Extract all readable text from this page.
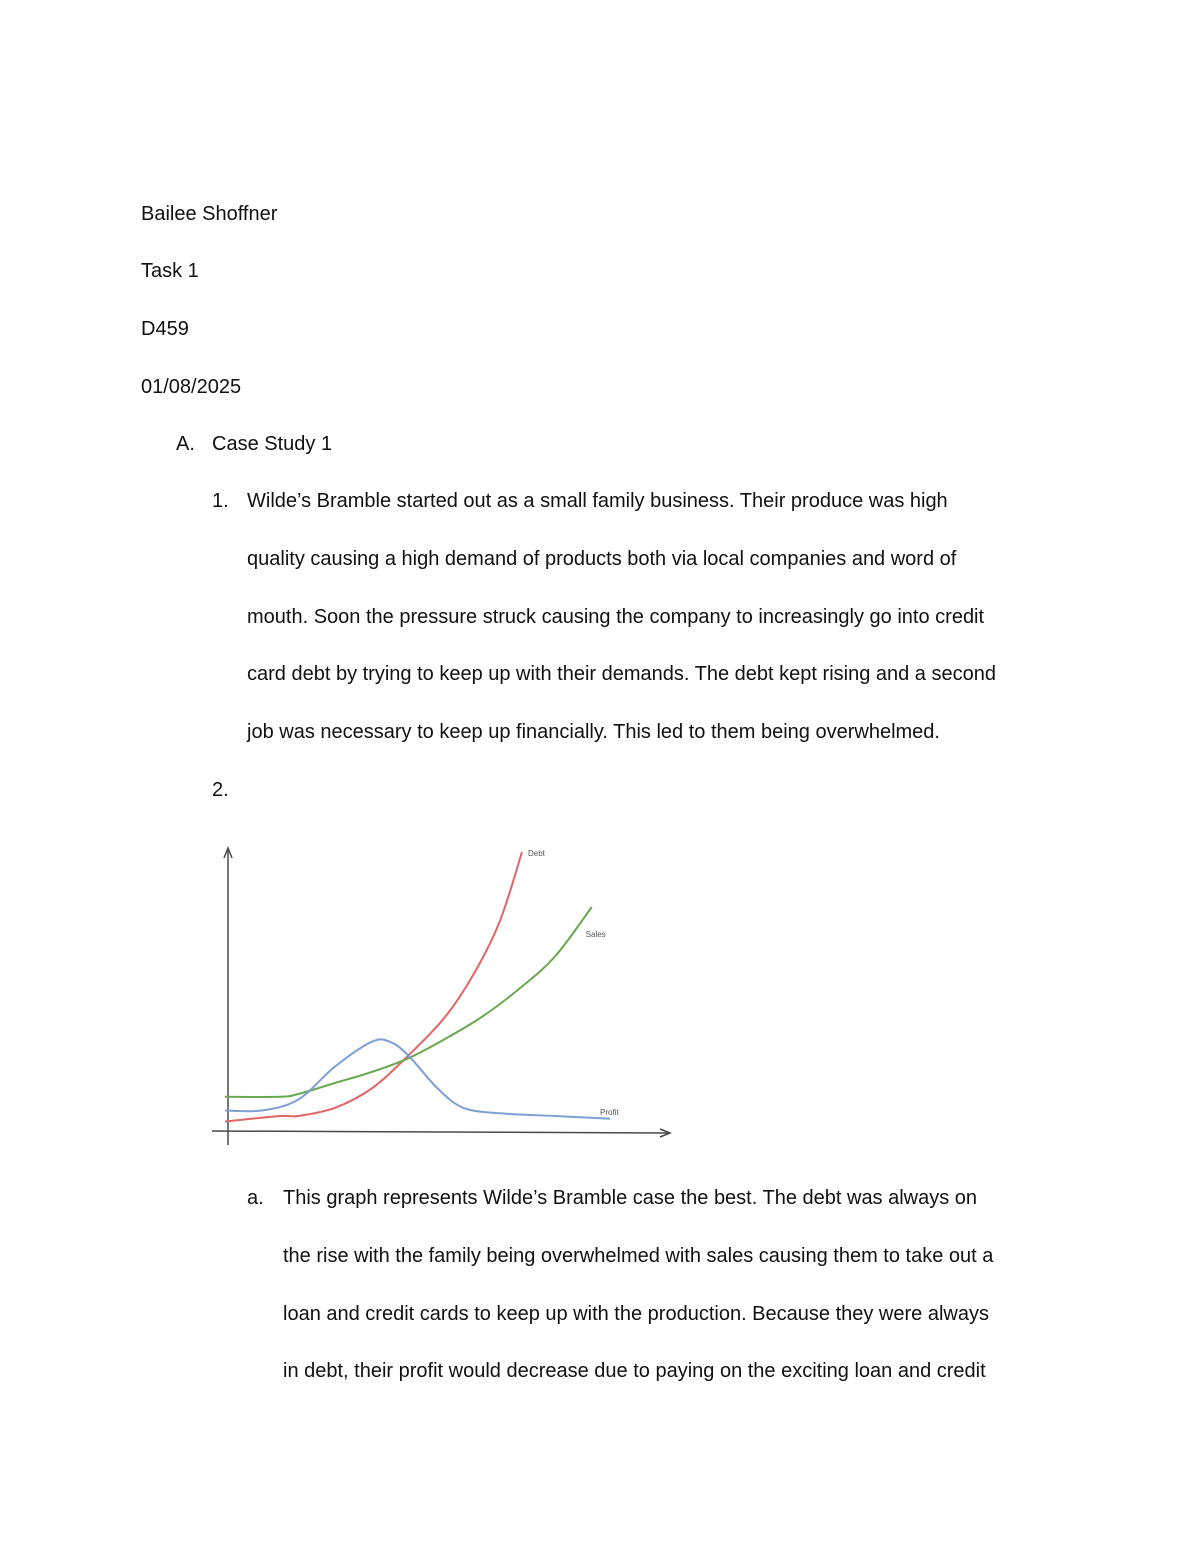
Bailee Shoffner
Task 1
D459
01/08/2025
A. Case Study 1
1. Wilde’s Bramble started out as a small family business. Their produce was high
quality causing a high demand of products both via local companies and word of
mouth. Soon the pressure struck causing the company to increasingly go into credit
card debt by trying to keep up with their demands. The debt kept rising and a second
job was necessary to keep up financially. This led to them being overwhelmed.
2.
Debt
Sales
Profit
a. This graph represents Wilde’s Bramble case the best. The debt was always on
the rise with the family being overwhelmed with sales causing them to take out a
loan and credit cards to keep up with the production. Because they were always
in debt, their profit would decrease due to paying on the exciting loan and credit
